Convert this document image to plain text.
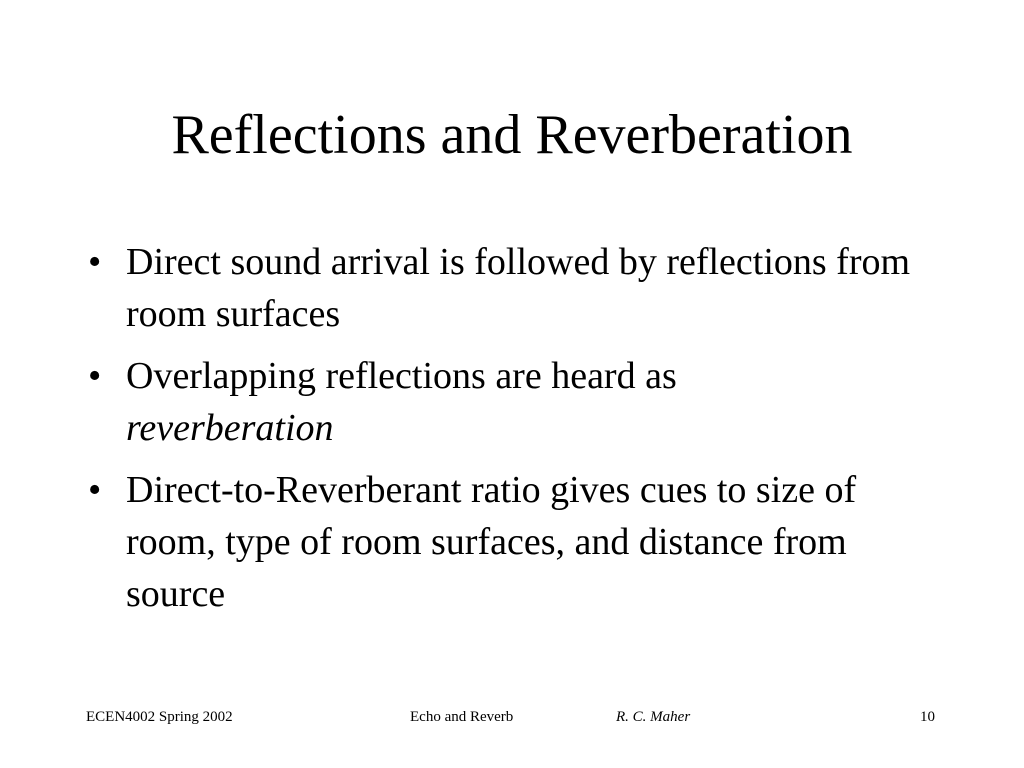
Reflections and Reverberation
• Direct sound arrival is followed by reflections from room surfaces
• Overlapping reflections are heard as
reverberation
• Direct-to-Reverberant ratio gives cues to size of room, type of room surfaces, and distance from source
ECEN4002 Spring 2002	Echo and Reverb	R. C. Maher	10
